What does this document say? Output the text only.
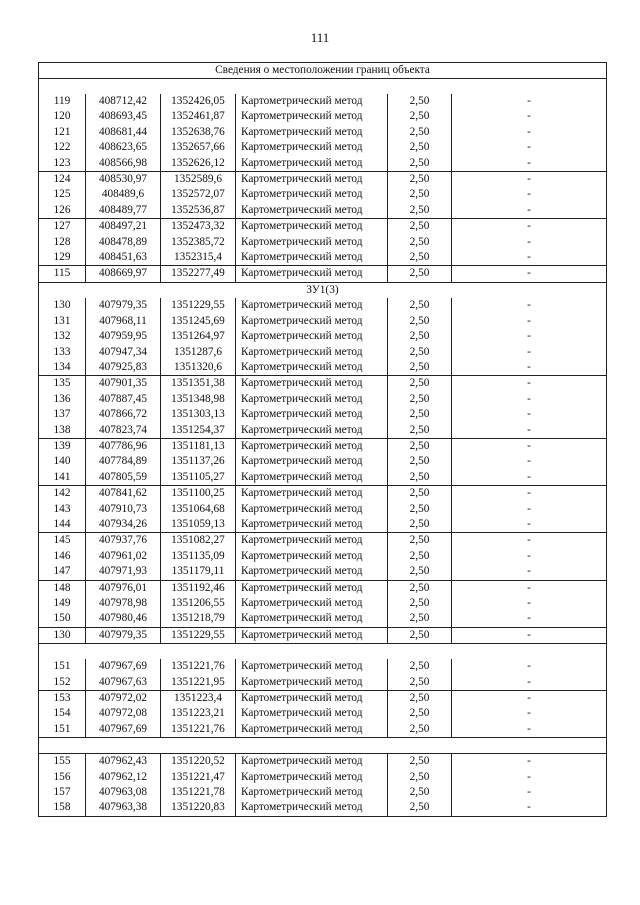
111
Сведения о местоположении границ объекта					

119	408712,42	1352426,05	Картометрический метод	2,50	-
120	408693,45	1352461,87	Картометрический метод	2,50	-
121	408681,44	1352638,76	Картометрический метод	2,50	-
122	408623,65	1352657,66	Картометрический метод	2,50	-
123	408566,98	1352626,12	Картометрический метод	2,50	-
124	408530,97	1352589,6	Картометрический метод	2,50	-
125	408489,6	1352572,07	Картометрический метод	2,50	-
126	408489,77	1352536,87	Картометрический метод	2,50	-
127	408497,21	1352473,32	Картометрический метод	2,50	-
128	408478,89	1352385,72	Картометрический метод	2,50	-
129	408451,63	1352315,4	Картометрический метод	2,50	-
115	408669,97	1352277,49	Картометрический метод	2,50	-
ЗУ1(3)					
130	407979,35	1351229,55	Картометрический метод	2,50	-
131	407968,11	1351245,69	Картометрический метод	2,50	-
132	407959,95	1351264,97	Картометрический метод	2,50	-
133	407947,34	1351287,6	Картометрический метод	2,50	-
134	407925,83	1351320,6	Картометрический метод	2,50	-
135	407901,35	1351351,38	Картометрический метод	2,50	-
136	407887,45	1351348,98	Картометрический метод	2,50	-
137	407866,72	1351303,13	Картометрический метод	2,50	-
138	407823,74	1351254,37	Картометрический метод	2,50	-
139	407786,96	1351181,13	Картометрический метод	2,50	-
140	407784,89	1351137,26	Картометрический метод	2,50	-
141	407805,59	1351105,27	Картометрический метод	2,50	-
142	407841,62	1351100,25	Картометрический метод	2,50	-
143	407910,73	1351064,68	Картометрический метод	2,50	-
144	407934,26	1351059,13	Картометрический метод	2,50	-
145	407937,76	1351082,27	Картометрический метод	2,50	-
146	407961,02	1351135,09	Картометрический метод	2,50	-
147	407971,93	1351179,11	Картометрический метод	2,50	-
148	407976,01	1351192,46	Картометрический метод	2,50	-
149	407978,98	1351206,55	Картометрический метод	2,50	-
150	407980,46	1351218,79	Картометрический метод	2,50	-
130	407979,35	1351229,55	Картометрический метод	2,50	-

151	407967,69	1351221,76	Картометрический метод	2,50	-
152	407967,63	1351221,95	Картометрический метод	2,50	-
153	407972,02	1351223,4	Картометрический метод	2,50	-
154	407972,08	1351223,21	Картометрический метод	2,50	-
151	407967,69	1351221,76	Картометрический метод	2,50	-

155	407962,43	1351220,52	Картометрический метод	2,50	-
156	407962,12	1351221,47	Картометрический метод	2,50	-
157	407963,08	1351221,78	Картометрический метод	2,50	-
158	407963,38	1351220,83	Картометрический метод	2,50	-
